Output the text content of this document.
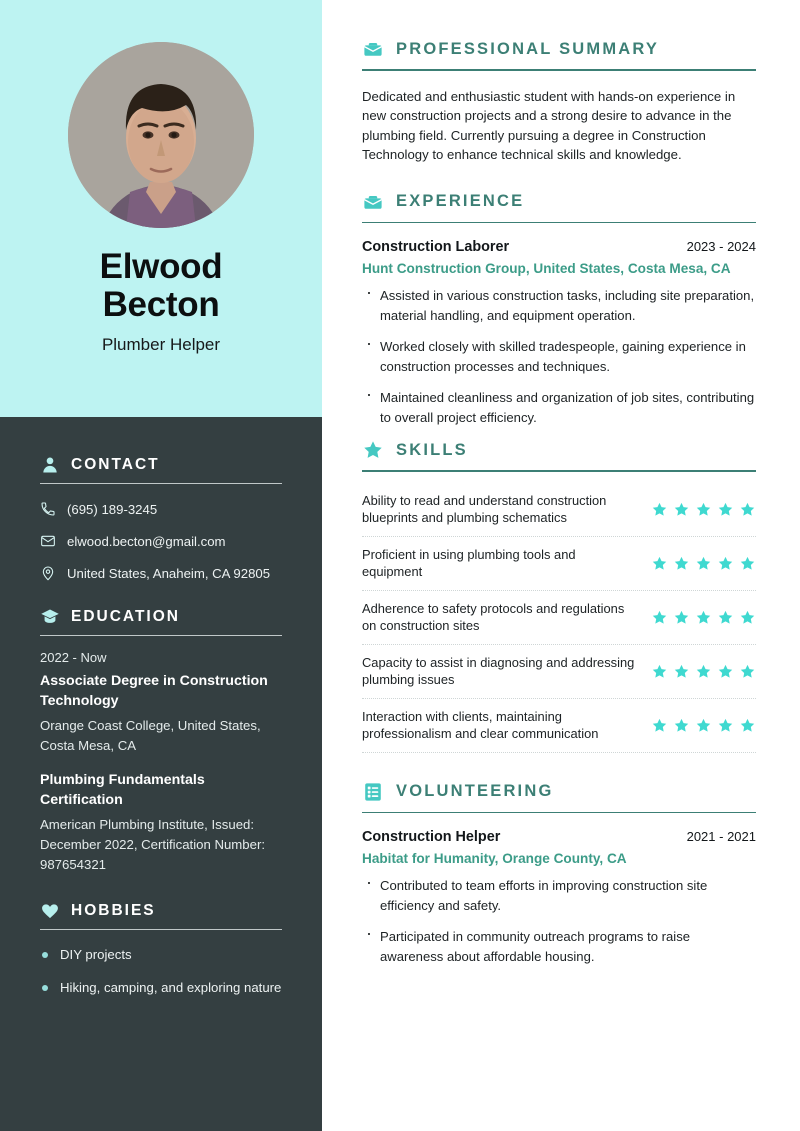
Elwood
Becton
Plumber Helper
CONTACT
(695) 189-3245
elwood.becton@gmail.com
United States, Anaheim, CA 92805
EDUCATION
2022 - Now
Associate Degree in Construction Technology
Orange Coast College, United States, Costa Mesa, CA
Plumbing Fundamentals Certification
American Plumbing Institute, Issued: December 2022, Certification Number: 987654321
HOBBIES
DIY projects
Hiking, camping, and exploring nature
PROFESSIONAL SUMMARY

Dedicated and enthusiastic student with hands-on experience in new construction projects and a strong desire to advance in the plumbing field. Currently pursuing a degree in Construction Technology to enhance technical skills and knowledge.

EXPERIENCE
Construction Laborer	2023 - 2024
Hunt Construction Group, United States, Costa Mesa, CA
· Assisted in various construction tasks, including site preparation, material handling, and equipment operation.
· Worked closely with skilled tradespeople, gaining experience in construction processes and techniques.
· Maintained cleanliness and organization of job sites, contributing to overall project efficiency.
SKILLS
Ability to read and understand construction blueprints and plumbing schematics
Proficient in using plumbing tools and equipment
Adherence to safety protocols and regulations on construction sites
Capacity to assist in diagnosing and addressing plumbing issues
Interaction with clients, maintaining professionalism and clear communication
VOLUNTEERING
Construction Helper	2021 - 2021
Habitat for Humanity, Orange County, CA
· Contributed to team efforts in improving construction site efficiency and safety.
· Participated in community outreach programs to raise awareness about affordable housing.
